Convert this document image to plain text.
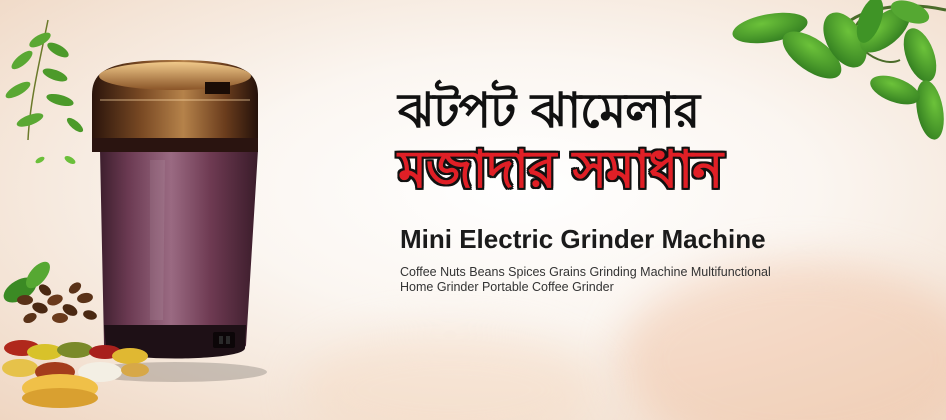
ঝটপট ঝামেলার
মজাদার সমাধান
Mini Electric Grinder Machine

Coffee Nuts Beans Spices Grains Grinding Machine Multifunctional Home Grinder Portable Coffee Grinder
